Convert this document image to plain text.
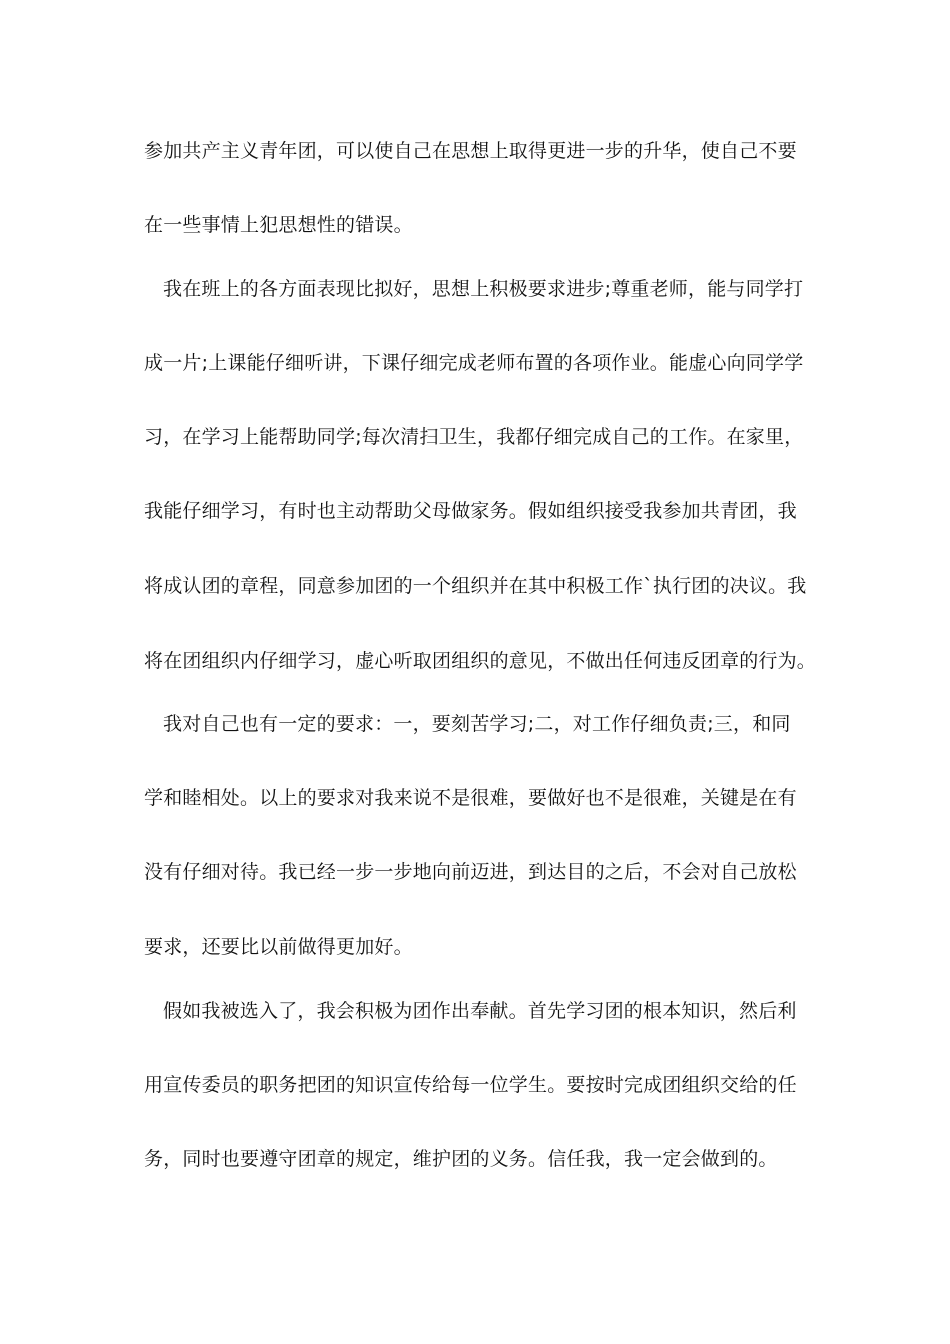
参加共产主义青年团，可以使自己在思想上取得更进一步的升华，使自己不要

在一些事情上犯思想性的错误。

我在班上的各方面表现比拟好，思想上积极要求进步;尊重老师，能与同学打

成一片;上课能仔细听讲，下课仔细完成老师布置的各项作业。能虚心向同学学

习，在学习上能帮助同学;每次清扫卫生，我都仔细完成自己的工作。在家里，

我能仔细学习，有时也主动帮助父母做家务。假如组织接受我参加共青团，我

将成认团的章程，同意参加团的一个组织并在其中积极工作`执行团的决议。我

将在团组织内仔细学习，虚心听取团组织的意见，不做出任何违反团章的行为。

我对自己也有一定的要求：一，要刻苦学习;二，对工作仔细负责;三，和同

学和睦相处。以上的要求对我来说不是很难，要做好也不是很难，关键是在有

没有仔细对待。我已经一步一步地向前迈进，到达目的之后，不会对自己放松

要求，还要比以前做得更加好。

假如我被选入了，我会积极为团作出奉献。首先学习团的根本知识，然后利

用宣传委员的职务把团的知识宣传给每一位学生。要按时完成团组织交给的任

务，同时也要遵守团章的规定，维护团的义务。信任我，我一定会做到的。
